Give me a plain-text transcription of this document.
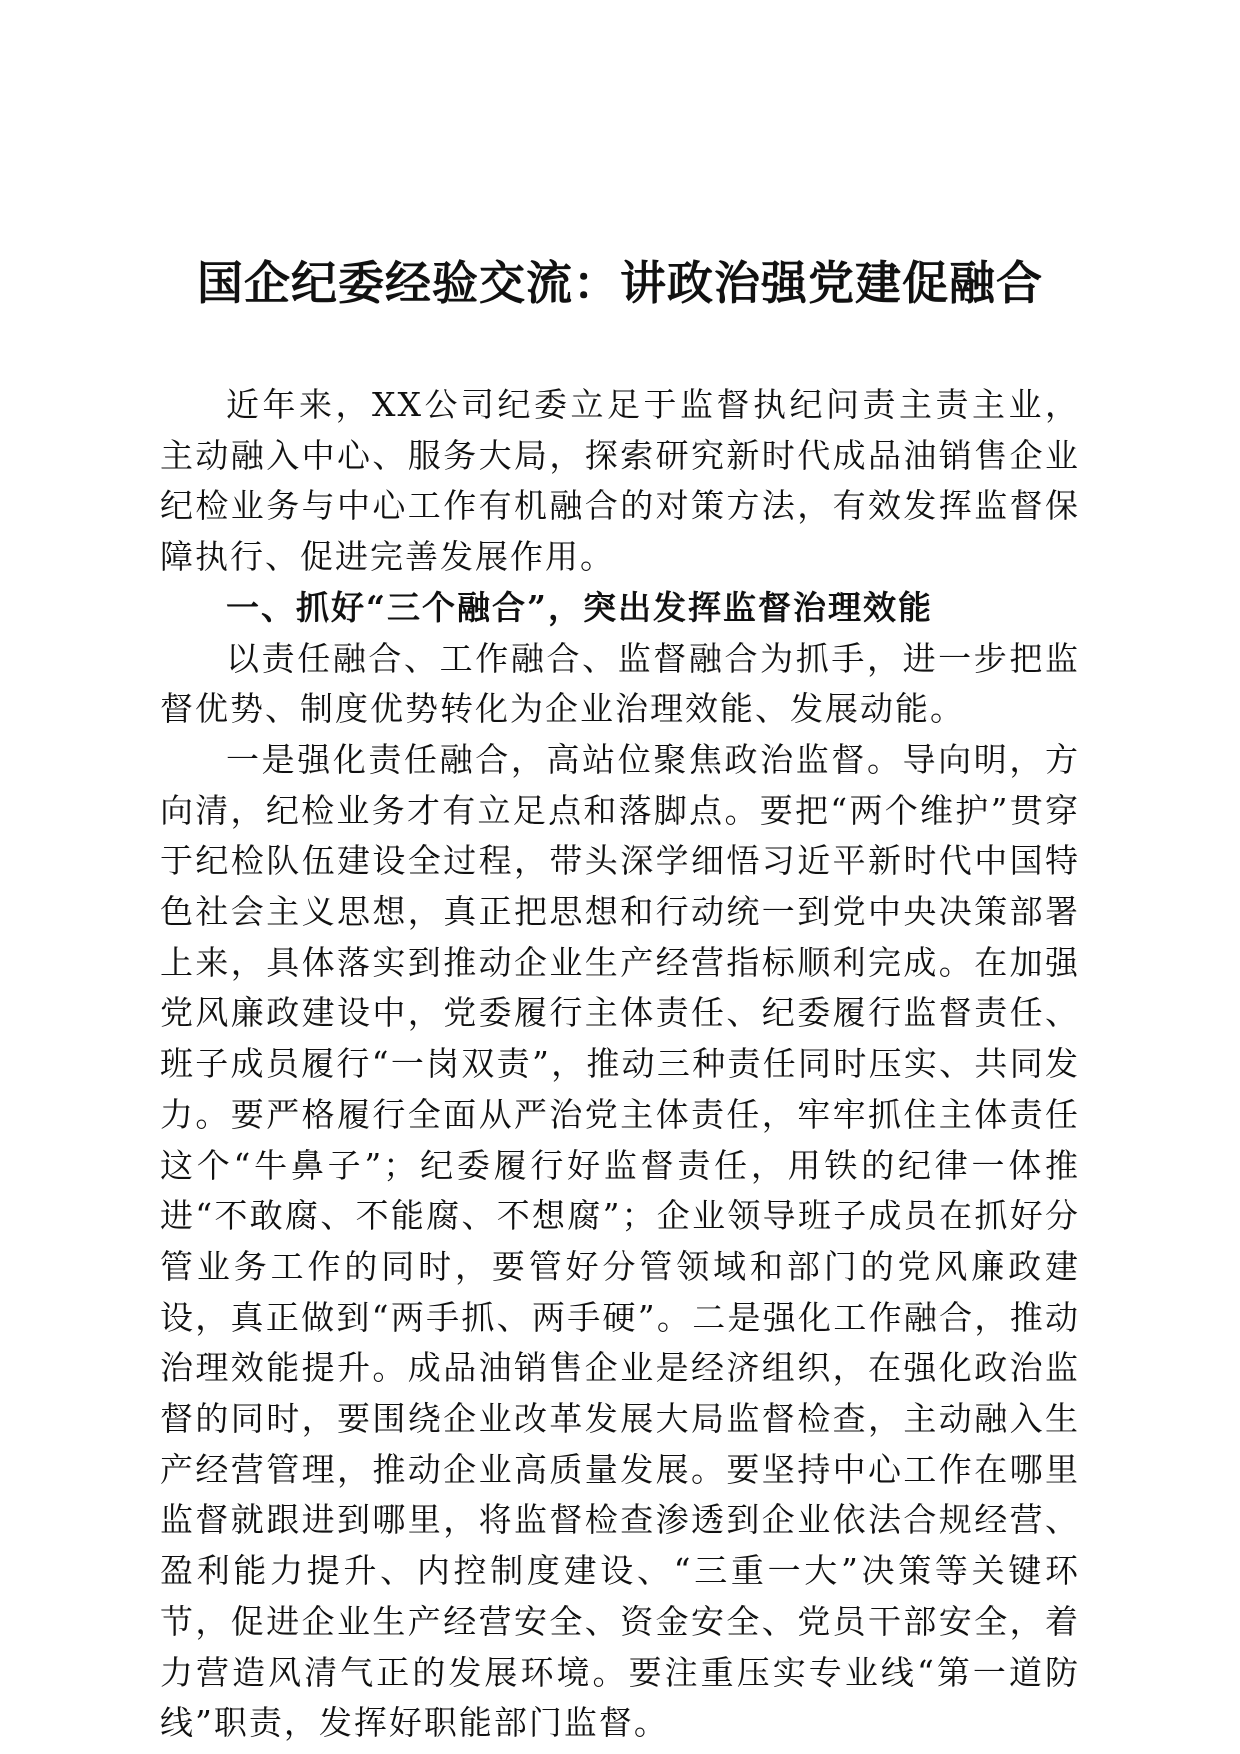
国企纪委经验交流：讲政治强党建促融合

近年来，XX公司纪委立足于监督执纪问责主责主业，主动融入中心、服务大局，探索研究新时代成品油销售企业纪检业务与中心工作有机融合的对策方法，有效发挥监督保障执行、促进完善发展作用。

一、抓好“三个融合”，突出发挥监督治理效能

以责任融合、工作融合、监督融合为抓手，进一步把监督优势、制度优势转化为企业治理效能、发展动能。

一是强化责任融合，高站位聚焦政治监督。导向明，方向清，纪检业务才有立足点和落脚点。要把“两个维护”贯穿于纪检队伍建设全过程，带头深学细悟习近平新时代中国特色社会主义思想，真正把思想和行动统一到党中央决策部署上来，具体落实到推动企业生产经营指标顺利完成。在加强党风廉政建设中，党委履行主体责任、纪委履行监督责任、班子成员履行“一岗双责”，推动三种责任同时压实、共同发力。要严格履行全面从严治党主体责任，牢牢抓住主体责任这个“牛鼻子”；纪委履行好监督责任，用铁的纪律一体推进“不敢腐、不能腐、不想腐”；企业领导班子成员在抓好分管业务工作的同时，要管好分管领域和部门的党风廉政建设，真正做到“两手抓、两手硬”。二是强化工作融合，推动治理效能提升。成品油销售企业是经济组织，在强化政治监督的同时，要围绕企业改革发展大局监督检查，主动融入生产经营管理，推动企业高质量发展。要坚持中心工作在哪里监督就跟进到哪里，将监督检查渗透到企业依法合规经营、盈利能力提升、内控制度建设、“三重一大”决策等关键环节，促进企业生产经营安全、资金安全、党员干部安全，着力营造风清气正的发展环境。要注重压实专业线“第一道防线”职责，发挥好职能部门监督。
